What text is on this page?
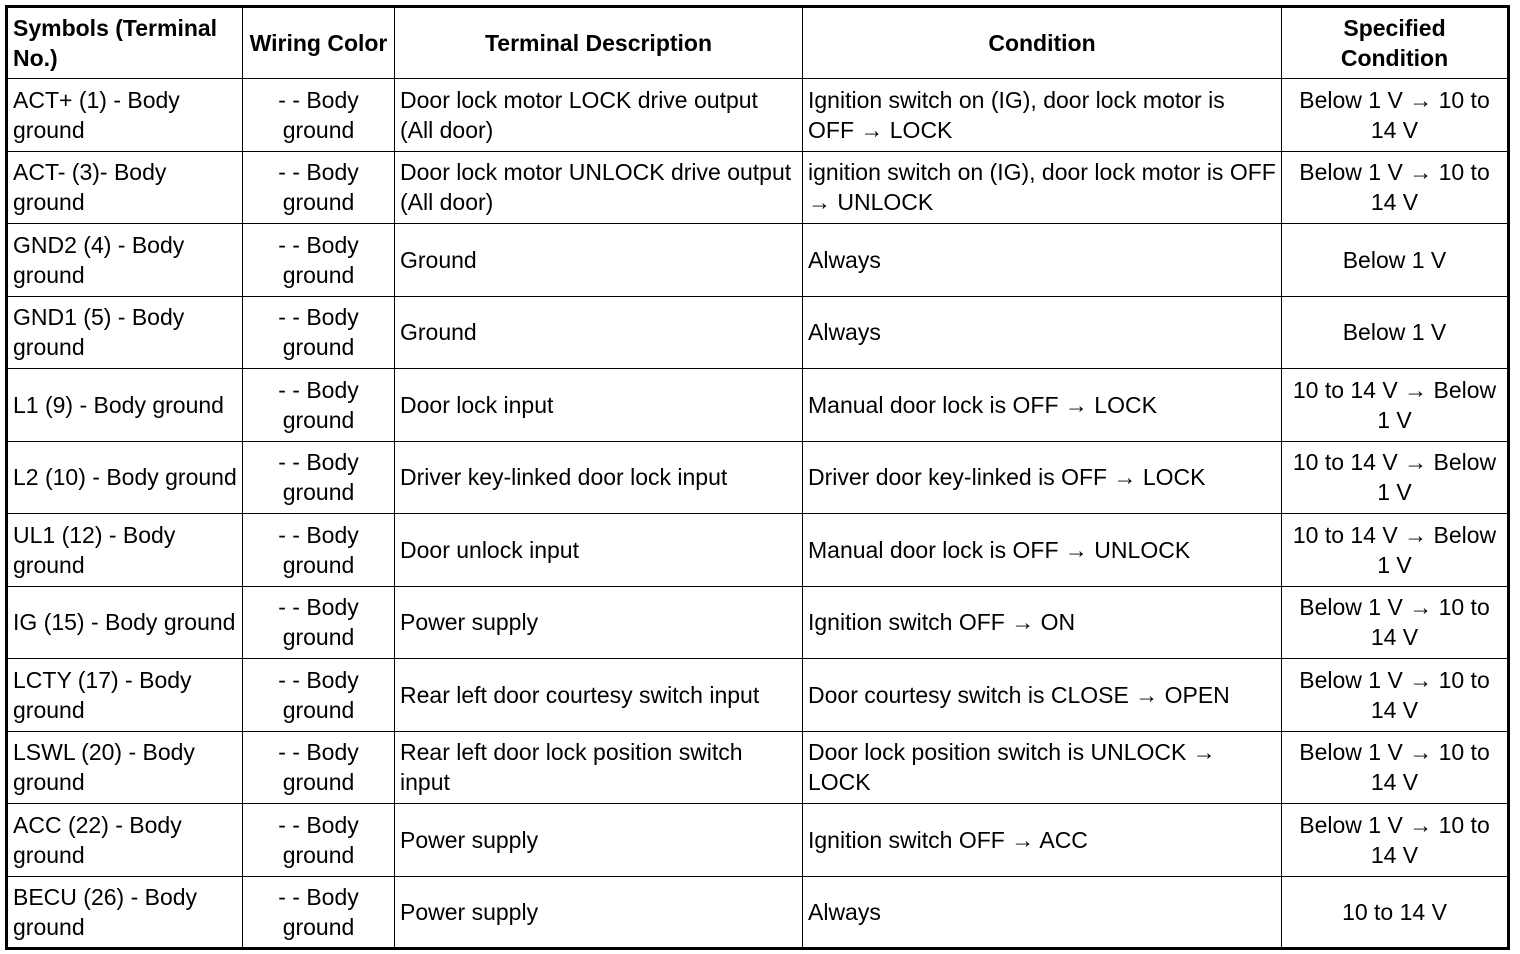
Symbols (Terminal No.)	Wiring Color	Terminal Description	Condition	Specified Condition
ACT+ (1) - Body ground	- - Body ground	Door lock motor LOCK drive output (All door)	Ignition switch on (IG), door lock motor is OFF → LOCK	Below 1 V → 10 to 14 V
ACT- (3)- Body ground	- - Body ground	Door lock motor UNLOCK drive output (All door)	ignition switch on (IG), door lock motor is OFF → UNLOCK	Below 1 V → 10 to 14 V
GND2 (4) - Body ground	- - Body ground	Ground	Always	Below 1 V
GND1 (5) - Body ground	- - Body ground	Ground	Always	Below 1 V
L1 (9) - Body ground	- - Body ground	Door lock input	Manual door lock is OFF → LOCK	10 to 14 V → Below 1 V
L2 (10) - Body ground	- - Body ground	Driver key-linked door lock input	Driver door key-linked is OFF → LOCK	10 to 14 V → Below 1 V
UL1 (12) - Body ground	- - Body ground	Door unlock input	Manual door lock is OFF → UNLOCK	10 to 14 V → Below 1 V
IG (15) - Body ground	- - Body ground	Power supply	Ignition switch OFF → ON	Below 1 V → 10 to 14 V
LCTY (17) - Body ground	- - Body ground	Rear left door courtesy switch input	Door courtesy switch is CLOSE → OPEN	Below 1 V → 10 to 14 V
LSWL (20) - Body ground	- - Body ground	Rear left door lock position switch input	Door lock position switch is UNLOCK → LOCK	Below 1 V → 10 to 14 V
ACC (22) - Body ground	- - Body ground	Power supply	Ignition switch OFF → ACC	Below 1 V → 10 to 14 V
BECU (26) - Body ground	- - Body ground	Power supply	Always	10 to 14 V
